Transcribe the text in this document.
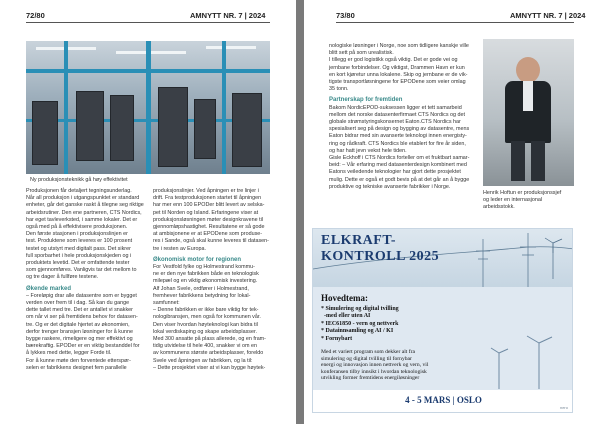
72/80	AMNYTT NR. 7 | 2024
Ny produksjonsteknikk gå høy effektivitet

Produksjonen får detaljert tegningsunderlag.

Når all produksjon i utgangspunktet er standard

enheter, går det ganske raskt å tilegne seg riktige

arbeidsrutiner. Den ene partneren, CTS Nordics,

har eget tavleverksted, i samme lokaler. Det er

også med på å effektivisere produksjonen.

Den første stasjonen i produksjonslinjen er

test. Produktene som leveres er 100 prosent

testet og utstyrt med digitalt pass. Det sikrer

full sporbarhet i hele produksjonskjeden og i

produktets levetid. Det er omfattende tester

som gjennomføres. Vanligvis tar det mellom to

og tre dager å fullføre testene.

Økende marked

– Foreløpig drar alle datasentre som er bygget

verden over frem til i dag. Så kan du gange

dette tallet med tre. Det er antallet vi snakker

om når vi ser på fremtidens behov for datasen-

tre. Og er det digitale hjertet av økonomien,

derfor trenger bransjen løsninger for å kunne

bygge raskere, rimeligere og mer effektivt og

bærekraftig. EPODer er en viktig bestanddel for

å lykkes med dette, legger Forde til.

For å kunne møte den forventede etterspør-

selen er fabrikkens designet fem parallelle

produksjonslinjer. Ved åpningen er tre linjer i

drift. Fra testproduksjonen startet til åpningen

har mer enn 100 EPODer blitt levert av selska-

pet til Norden og Island. Erfaringene viser at

produksjonsløsningen møter designkravene til

gjennomløpshastighet. Resultatene er så gode

at ambisjonene er at EPODene som produse-

res i Sande, også skal kunne leveres til datasen-

tre i resten av Europa.

Økonomisk motor for regionen

For Vestfold fylke og Holmestrand kommu-

ne er den nye fabrikken både en teknologisk

milepæl og en viktig økonomisk investering.

Alf Johan Svele, ordfører i Holmestrand,

fremhever fabrikkens betydning for lokal-

samfunnet:

– Denne fabrikken er ikke bare viktig for tek-

nologibransjen, men også for kommunen vår.

Den viser hvordan høyteknologi kan bidra til

lokal verdiskaping og skape arbeidsplasser.

Med 300 ansatte på plass allerede, og en fram-

tidig utvidelse til hele 400, snakker vi om en

av kommunens største arbeidsplasser, foreldo

Svele ved åpningen av fabrikken, og la til:

– Dette prosjektet viser at vi kan bygge høytek-

73/80	AMNYTT NR. 7 | 2024

nologiske løsninger i Norge, noe som tidligere kanskje ville

blitt sett på som urealistisk.

I tillegg er god logistikk også viktig. Det er gode vei og

jernbane forbindelser. Og viktigst, Drammen Havn er kun

en kort kjøretur unna lokalene. Skip og jernbane er de vik-

tigste transportløsningene for EPODene som veier omlag

35 tonn.

Partnerskap for fremtiden

Bakom NordicEPOD-suksessen ligger et tett samarbeid

mellom det norske datasenterfirmaet CTS Nordics og det

globale strømstyringskonsernet Eaton.CTS Nordics har

spesialisert seg på design og bygging av datasentre, mens

Eaton bidrar med sin avanserte teknologi innen energisty-

ring og rådkraft. CTS Nordics ble etablert for fire år siden,

og har hatt jevn vekst hele tiden.

Gisle Eckhoff i CTS Nordics forteller om et fruktbart samar-

beid: – Vår erfaring med datasenterdesign kombinert med

Eatons veiledende teknologier har gjort dette prosjektet

mulig. Dette er også et godt bevis på at det går an å bygge

produktive og tekniske avanserte fabrikker i Norge.

Henrik Hoftun er produksjonssjef

og leder en internasjonal

arbeidsstokk.

ELKRAFT-
KONTROLL 2025
Hovedtema:
* Simulering og digital tvilling
-med eller uten AI
* IEC61850 - vern og nettverk
* Datainnsamling og AI / KI
* Fornybart

Med et variert program som dekker alt fra

simulering og digital tvilling til fornybar

energi og innovasjon innen nettverk og vern, vil

konferansen tilby innsikt i hvordan teknologisk

utvikling former fremtidens energiløsninger

4 - 5 MARS | OSLO
nero
